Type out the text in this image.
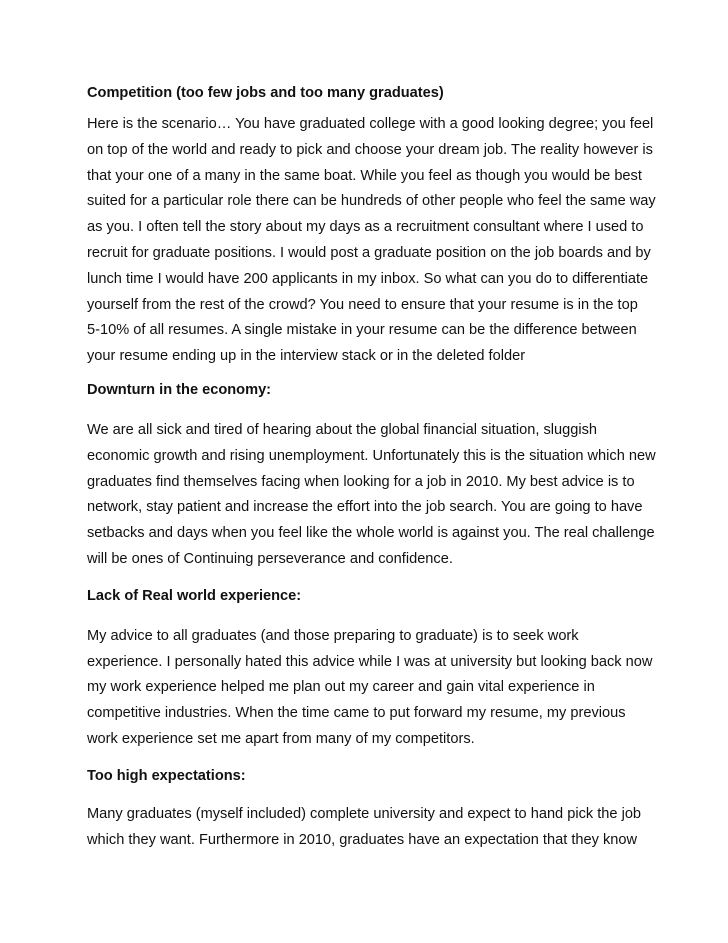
Competition (too few jobs and too many graduates)

Here is the scenario… You have graduated college with a good looking degree; you feel
on top of the world and ready to pick and choose your dream job. The reality however is
that your one of a many in the same boat. While you feel as though you would be best
suited for a particular role there can be hundreds of other people who feel the same way
as you. I often tell the story about my days as a recruitment consultant where I used to
recruit for graduate positions. I would post a graduate position on the job boards and by
lunch time I would have 200 applicants in my inbox. So what can you do to differentiate
yourself from the rest of the crowd? You need to ensure that your resume is in the top
5-10% of all resumes. A single mistake in your resume can be the difference between
your resume ending up in the interview stack or in the deleted folder

Downturn in the economy:

We are all sick and tired of hearing about the global financial situation, sluggish
economic growth and rising unemployment. Unfortunately this is the situation which new
graduates find themselves facing when looking for a job in 2010. My best advice is to
network, stay patient and increase the effort into the job search. You are going to have
setbacks and days when you feel like the whole world is against you. The real challenge
will be ones of Continuing perseverance and confidence.

Lack of Real world experience:

My advice to all graduates (and those preparing to graduate) is to seek work
experience. I personally hated this advice while I was at university but looking back now
my work experience helped me plan out my career and gain vital experience in
competitive industries. When the time came to put forward my resume, my previous
work experience set me apart from many of my competitors.

Too high expectations:

Many graduates (myself included) complete university and expect to hand pick the job
which they want. Furthermore in 2010, graduates have an expectation that they know
